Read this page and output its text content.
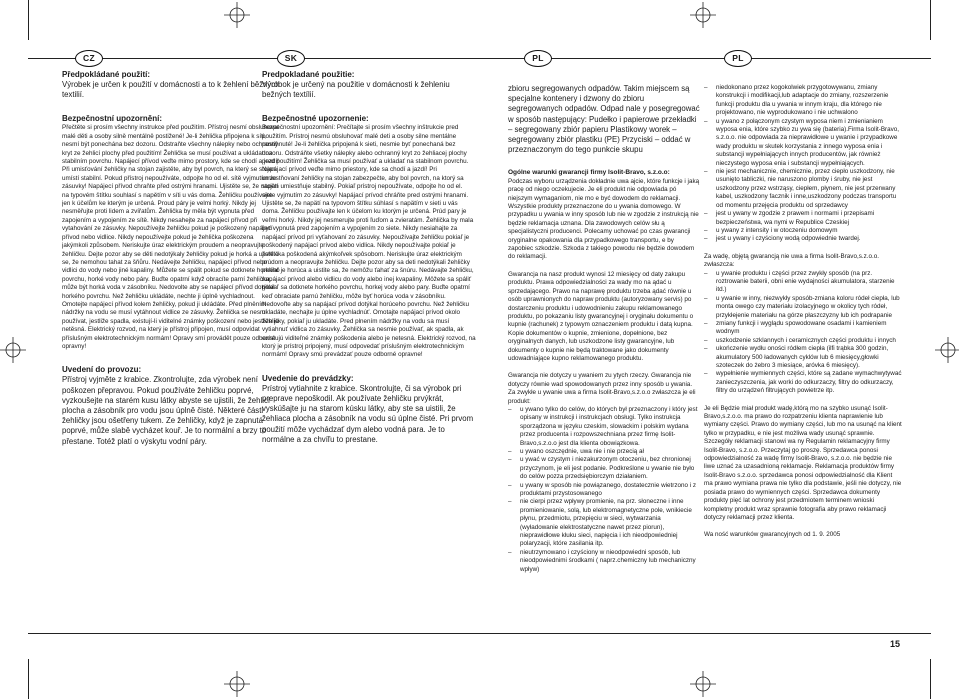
CZ	SK	PL	PL

Předpokládané použití:

Výrobek je určen k použití v domácnosti a to k žehlení běžných textilií.

Bezpečnostní upozornění:

Přečtěte si prosím všechny instrukce před použitím. Přístroj nesmí obsluhovat malé děti a osoby silně mentálně postižené! Je-li žehlička připojena k síti, nesmí být ponechána bez dozoru. Odstraňte všechny nálepky nebo ochranný kryt ze žehlicí plochy před použitím! Žehlička se musí používat a ukládat na stabilním povrchu. Napájecí přívod veďte mimo prostory, kde se chodí a jezdí! Při umisťování žehličky na stojan zajistěte, aby byl povrch, na který se stojan umístí stabilní. Pokud přístroj nepoužíváte, odpojte ho od el. sítě vyjmutím ze zásuvky! Napájecí přívod chraňte před ostrými hranami. Ujistěte se, že napětí na typovém štítku souhlasí s napětím v síti u vás doma. Žehličku používejte jen k účelům ke kterým je určená. Proud páry je velmi horký. Nikdy jej nesměřujte proti lidem a zvířatům. Žehlička by měla být vypnuta před zapojením a vypojením ze sítě. Nikdy nesahejte za napájecí přívod při vytahování ze zásuvky. Nepoužívejte žehličku pokud je poškozený napájecí přívod nebo vidlice. Nikdy nepoužívejte pokud je žehlička poškozena jakýmkoli způsobem. Neriskujte úraz elektrickým proudem a neopravujte žehličku. Dejte pozor aby se děti nedotýkaly žehličky pokud je horká a ujistěte se, že nemohou tahat za šňůru. Nedávejte žehličku, napájecí přívod nebo vidlici do vody nebo jiné kapaliny. Můžete se spálit pokud se dotknete horkého povrchu, horké vody nebo páry. Buďte opatrní když obracíte parní žehličku, může být horká voda v zásobníku. Nedovolte aby se napájecí přívod dotýkal horkého povrchu. Než žehličku ukládáte, nechte ji úplně vychladnout. Omotejte napájecí přívod kolem žehličky, pokud ji ukládáte. Před plněním nádržky na vodu se musí vytáhnout vidlice ze zásuvky. Žehlička se nesmí používat, jestliže spadla, existují-li viditelné známky poškození nebo jestliže je netěsná. Elektrický rozvod, na který je přístroj připojen, musí odpovídat příslušným elektrotechnickým normám! Opravy smí provádět pouze odborné opravny!

Uvedení do provozu:

Přístroj vyjměte z krabice. Zkontrolujte, zda výrobek není poškozen přepravou. Pokud používáte žehličku poprvé, vyzkoušejte na starém kusu látky abyste se ujistili, že žehlicí plocha a zásobník pro vodu jsou úplně čisté. Některé části žehličky jsou ošetřeny tukem. Ze žehličky, když je zapnutá poprvé, může slabě vycházet kouř. Je to normální a brzy to přestane. Totéž platí o výskytu vodní páry.

Predpokladané použitie:

Výrobok je určený na použitie v domácnosti k žehleniu bežných textílií.

Bezpečnostné upozornenie:

Bezpečnostní upozornění: Prečítajte si prosím všechny inštrukcie pred použitím. Prístroj nesmú obsluhovať malé deti a osoby silne mentálne postihnuté! Je-li žehlička pripojená k sieti, nesmie byť ponechaná bez dozoru. Odstráňte všetky nálepky alebo ochranný kryt zo žehliacej plochy pred použitím! Žehlička sa musí používať a ukladať na stabilnom povrchu. Napájací prívod veďte mimo priestory, kde sa chodí a jazdí! Pri umiestňovaní žehličky na stojan zabezpečte, aby bol povrch, na ktorý sa stojan umiestňuje stabilný. Pokiaľ prístroj nepoužívate, odpojte ho od el. siete vyjmutím zo zásuvky! Napájací prívod chráňte pred ostrými hranami. Ujistěte se, že napätí na typovom štítku súhlasí s napätím v sieti u vás doma. Žehličku používajte len k účelom ku ktorým je určená. Prúd pary je veľmi horký. Nikdy jej nesmerujte proti ľuďom a zvieratám. Žehlička by mala byť vypnutá pred zapojením a vypojením zo siete. Nikdy nesiahajte za napájací prívod pri vyťahovaní zo zásuvky. Nepoužívajte žehličku pokiaľ je poškodený napájací prívod alebo vidlica. Nikdy nepoužívajte pokiaľ je žehlička poškodená akýmkoľvek spôsobom. Neriskujte úraz elektrickým prúdom a neopravujte žehličku. Dejte pozor aby sa deti nedotýkali žehličky pokiaľ je horúca a uistite sa, že nemôžu ťahať za šnúru. Nedávajte žehličku, napájací prívod alebo vidlicu do vody alebo inej kvapaliny. Môžete sa spáliť pokiaľ sa dotknete horkého povrchu, horkej vody alebo pary. Buďte opatrní keď obraciate parnú žehličku, môže byť horúca voda v zásobníku. Nedovoľte aby sa napájací prívod dotýkal horúceho povrchu. Než žehličku ukladáte, nechajte ju úplne vychladnúť. Omotajte napájací prívod okolo žehličky, pokiaľ ju ukladáte. Pred plnením nádržky na vodu sa musí vytiahnuť vidlica zo zásuvky. Žehlička sa nesmie používať, ak spadla, ak existujú viditeľné známky poškodenia alebo je netesná. Elektrický rozvod, na ktorý je prístroj pripojený, musí odpovedať príslušným elektrotechnickým normám! Opravy smú prevádzať pouze odborné opravne!

Uvedenie do prevádzky:

Prístroj vytiahnite z krabice. Skontrolujte, či sa výrobok pri preprave nepoškodil. Ak používate žehličku prvýkrát, vyskúšajte ju na starom kúsku látky, aby ste sa uistili, že žehliaca plocha a zásobník na vodu sú úplne čisté. Pri prvom použití môže vychádzať dym alebo vodná para. Je to normálne a za chvíľu to prestane.

zbioru segregowanych odpadów. Takim miejscem są specjalne kontenery i dzwony do zbioru segregowanych odpadów. Odpad nale y posegregować w sposób następujący: Pudełko i papierowe przekładki – segregowany zbiór papieru Plastikowy worek – segregowany zbiór plastiku (PE) Przyciski – oddać w przeznaczonym do tego punkcie skupu

Ogólne warunki gwarancji firmy Isolit-Bravo, s.z.o.o:

Podczas wyboru urządzenia dokładnie uwa ajcie, które funkcje i jaką pracę od niego oczekujecie. Je eli produkt nie odpowiada pó niejszym wymaganiom, nie mo e być dowodem do reklamacji. Wszystkie produkty przeznaczone do u ywania domowego. W przypadku u ywania w inny sposób lub nie w zgodzie z instrukcją nie będzie reklamacja uznana. Dla zawodowych celów słu ą specjalistyczni producenci. Polecamy uchować po czas gwarancji oryginalne opakowania dla przypadkowego transportu, e by zapobiec szkodzie. Szkoda z takiego powodu nie będzie dowodem do reklamacji.

Gwarancja na nasz produkt wynosi 12 miesięcy od daty zakupu produktu. Prawa odpowiedzialności za wady mo na ądać u sprzedającego. Prawo na naprawę produktu trzeba ądać równie u osób uprawnionych do napraw produktu (autoryzowany servis) po dostarczeniu produktu i udowodnieniu zakupu reklamowanego produktu, po pokazaniu listy gwarancyjnej i oryginału dokumentu o kupnie (rachunek) z typowym oznaczeniem produktu i datą kupna. Kopie dokumentów o kupnie, zmienione, dopełnione, bez oryginalnych danych, lub uszkodzone listy gwarancyjne, lub dokumenty o kupnie nie będą traktowane jako dokumenty udowadniające kupno reklamowanego produktu.

Gwarancja nie dotyczy u ywaniem zu ytych rzeczy. Gwarancja nie dotyczy równie wad spowodowanych przez inny sposób u ywania. Za zwykłe u ywanie uwa a firma Isolit-Bravo,s.z.o.o zwłaszcza je eli produkt:

– u ywano tylko do celów, do których był przeznaczony i który jest opisany w instrukcji i instrukcjach obsługi. Tylko instrukcja sporządzona w języku czeskim, slowackim i polskim wydana przez producenta i rozpowszechniana przez firmę Isolit-Bravo,s.z.o.o jest dla klienta obowiązkowa.

– u ywano oszczędnie, uwa nie i nie przecią ał

– u ywać w czystym i niezakurzonym otoczeniu, bez chronionej przyczynom, je eli jest podanie. Podkreślone u ywanie nie było do celów pozza przedsiębiorczym działaniem.

– u ywany w sposób nie powiązanego, dostatecznie wietrzono i z produktami przystosowanego

– nie cierpi przez wpływy promienie, na prz. słoneczne i inne promieniowanie, solą, lub elektromagnetyczne pole, wnikiecie płynu, przedmiotu, przepięciu w sieci, wytwarzania (wyładowanie elektrostatyczne nawet przez piorun), nieprawidłowe kłuku sieci, napięcia i ich nieodpowiedniej polaryzacji, które zasilania itp.

– nieutrzymowano i czyściony w nieodpowiedni sposób, lub nieodpowiednimi środkami ( naprz.chemiczny lub mechaniczny wpływ)

– niedokonano przez kogokolwiek przygotowywanu, zmiany konstrukcji i modifikacji,lub adaptacje do zmiany, rozszerzenie funkcji produktu dla u ywania w innym kraju, dla którego nie projektowano, nie wyprodukowano i nie uchwalono

– u ywano z połączonym czystym wyposa niem i zmienianiem wyposa enia, które szybko zu ywa się (bateria).Firma Isolit-Bravo, s.z.o.o. nie odpowiada za nieprawidłowe u ywanie i przypadkowe wady produktu w skutek korzystania z innego wyposa enia i substancji wypełniających innych producentów, jak również nieczystego wyposa enia i substancji wypełniających.

– nie jest mechanicznie, chemicznie, przez ciepło uszkodzony, nie usunięto tabliczki, nie naruszono plomby i śruby, nie jest uszkodzony przez wstrząsy, ciepłem, płynem, nie jest przerwany kabel, uszkodzony facznik i inne,uszkodzony podczas transportu od momentu przejęcia produktu od sprzedawcy

– jest u ywany w zgodzie z prawem i normami i przepisami bezpieczeństwa, wa nymi w Republice Czeskiej

– u ywany z intensity i w otoczeniu domowym

– jest u ywany i czyściony wodą odpowiednie twardej.

Za wadę, objętą gwarancją nie uwa a firma Isolit-Bravo,s.z.o.o. zwłaszcza:

– u ywanie produktu i części przez zwykły sposób (na prz. roztrowanie baterii, obni enie wydajności akumulatora, starzenie itd.)

– u ywanie w inny, niezwykły sposób-zmiana koloru ródeł ciepła, lub monta owego czy materiału izolacyjnego w okolicy tych ródeł, przykłejenie materiału na górze płaszczyzny lub ich podrapanie

– zmiany funkcji i wyglądu spowodowane osadami i kamieniem wodnym

– uszkodzenie szklannych i ceramicznych części produktu i innych

– ukończenie wydłu oności ródłem ciepła (ilfi trąbka 300 godzin, akumulatory 500 ładowanych cyklów lub 6 miesięcy,głowki szoteczek do żebro 3 miesiące, aróvka 6 miesięcy).

– wypełnienie wymiennych części, które są zadane wymachwytywać zanieczyszczenia, jak worki do odkurzaczy, filtry do odkurzaczy, filtry do urządzeń filtrujących powietrze itp.

Je eli Będzie miał produkt wadę,którą mo na szybko usunąć Isolit-Bravo,s.z.o.o. ma prawo do rozpatrzeniu klienta naprawienie lub wymiany części. Prawo do wymiany części, lub mo na usunąć na klient tylko w przypadku, e nie jest możliwa wady usunąć sprawnie. Szczegóły reklamacji stanowi wa ny Regulamin reklamacyjny firmy Isolit-Bravo, s.z.o.o. Przeczytaj go proszę. Sprzedawca ponosi odpowiedzialność za wadę firmy Isolit-Bravo, s.z.o.o. nie będzie nie liwe uznać za uzasadnioną reklamacje. Reklamacja produktów firmy Isolit-Bravo s.z.o.o. sprzedawca ponosi odpowiedzialność dla Klient ma prawo wymiana prawa nie tylko dla podstawie, jeśli nie dotyczy, nie posiada prawo do wymiennych części. Sprzedawca dokumenty produkty pięć lat ochrony jest przedmiotem terminem wnioski kompletny produkt wraz sprawnie fotografia aby prawo reklamacji dotyczy reklamacji przez klienta.

Wa ność warunków gwarancyjnych od 1. 9. 2005

15
